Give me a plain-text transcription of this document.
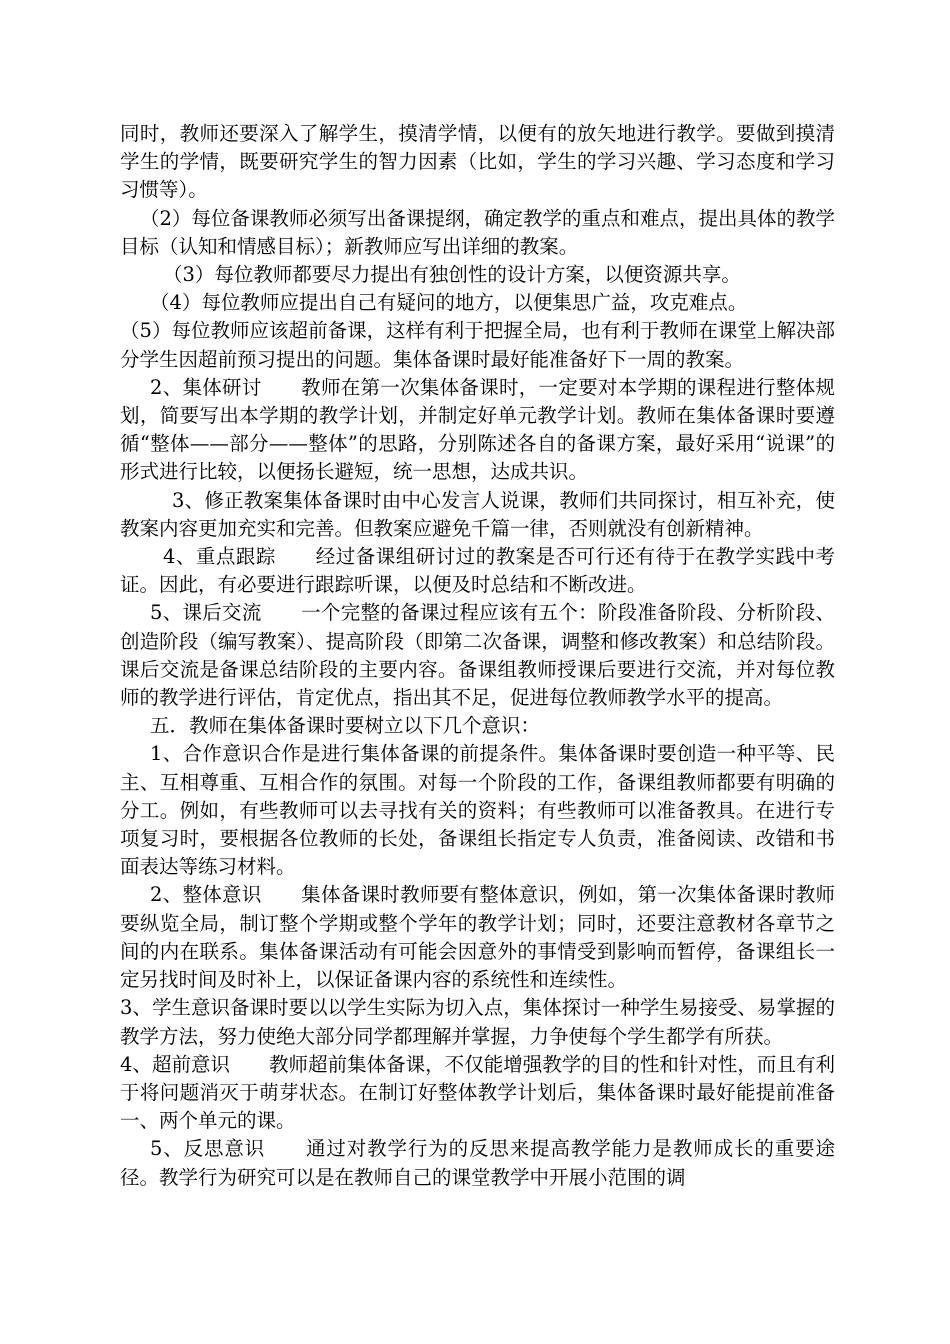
同时，教师还要深入了解学生，摸清学情，以便有的放矢地进行教学。要做到摸清学生的学情，既要研究学生的智力因素（比如，学生的学习兴趣、学习态度和学习习惯等）。

（2）每位备课教师必须写出备课提纲，确定教学的重点和难点，提出具体的教学目标（认知和情感目标）；新教师应写出详细的教案。

（3）每位教师都要尽力提出有独创性的设计方案，以便资源共享。

（4）每位教师应提出自己有疑问的地方，以便集思广益，攻克难点。

（5）每位教师应该超前备课，这样有利于把握全局，也有利于教师在课堂上解决部分学生因超前预习提出的问题。集体备课时最好能准备好下一周的教案。

2、集体研讨　　教师在第一次集体备课时，一定要对本学期的课程进行整体规划，简要写出本学期的教学计划，并制定好单元教学计划。教师在集体备课时要遵循“整体——部分——整体”的思路，分别陈述各自的备课方案，最好采用“说课”的形式进行比较，以便扬长避短，统一思想，达成共识。

3、修正教案集体备课时由中心发言人说课，教师们共同探讨，相互补充，使教案内容更加充实和完善。但教案应避免千篇一律，否则就没有创新精神。

4、重点跟踪　　经过备课组研讨过的教案是否可行还有待于在教学实践中考证。因此，有必要进行跟踪听课，以便及时总结和不断改进。

5、课后交流　　一个完整的备课过程应该有五个：阶段准备阶段、分析阶段、创造阶段（编写教案）、提高阶段（即第二次备课，调整和修改教案）和总结阶段。课后交流是备课总结阶段的主要内容。备课组教师授课后要进行交流，并对每位教师的教学进行评估，肯定优点，指出其不足，促进每位教师教学水平的提高。

五．教师在集体备课时要树立以下几个意识：

1、合作意识合作是进行集体备课的前提条件。集体备课时要创造一种平等、民主、互相尊重、互相合作的氛围。对每一个阶段的工作，备课组教师都要有明确的分工。例如，有些教师可以去寻找有关的资料；有些教师可以准备教具。在进行专项复习时，要根据各位教师的长处，备课组长指定专人负责，准备阅读、改错和书面表达等练习材料。

2、整体意识　　集体备课时教师要有整体意识，例如，第一次集体备课时教师要纵览全局，制订整个学期或整个学年的教学计划；同时，还要注意教材各章节之间的内在联系。集体备课活动有可能会因意外的事情受到影响而暂停，备课组长一定另找时间及时补上，以保证备课内容的系统性和连续性。

3、学生意识备课时要以以学生实际为切入点，集体探讨一种学生易接受、易掌握的教学方法，努力使绝大部分同学都理解并掌握，力争使每个学生都学有所获。

4、超前意识　　教师超前集体备课，不仅能增强教学的目的性和针对性，而且有利于将问题消灭于萌芽状态。在制订好整体教学计划后，集体备课时最好能提前准备一、两个单元的课。

5、反思意识　　通过对教学行为的反思来提高教学能力是教师成长的重要途径。教学行为研究可以是在教师自己的课堂教学中开展小范围的调
